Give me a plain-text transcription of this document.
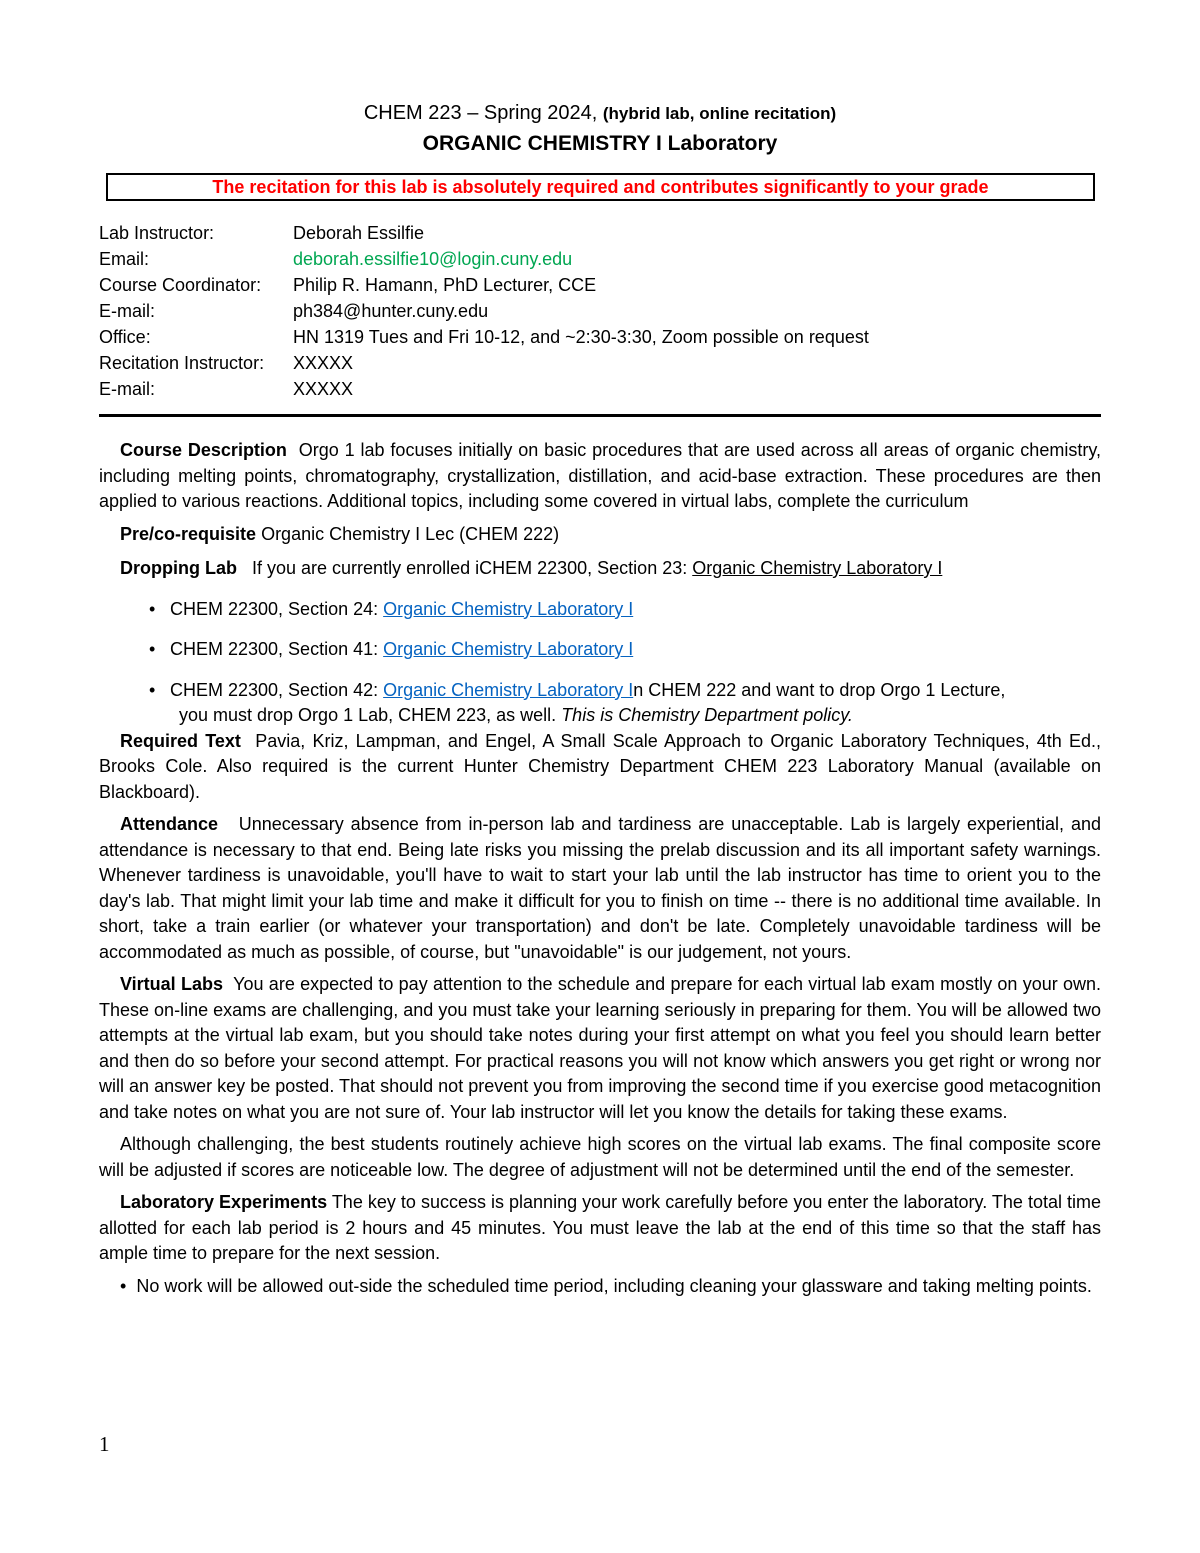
CHEM 223 – Spring 2024, (hybrid lab, online recitation)
ORGANIC CHEMISTRY I Laboratory
The recitation for this lab is absolutely required and contributes significantly to your grade
Lab Instructor:	Deborah Essilfie
Email:	deborah.essilfie10@login.cuny.edu
Course Coordinator: Philip R. Hamann, PhD Lecturer, CCE
E-mail:	ph384@hunter.cuny.edu
Office:	HN 1319 Tues and Fri 10-12, and ~2:30-3:30, Zoom possible on request
Recitation Instructor: XXXXX
E-mail:	XXXXX

Course Description Orgo 1 lab focuses initially on basic procedures that are used across all areas of organic chemistry, including melting points, chromatography, crystallization, distillation, and acid-base extraction. These procedures are then applied to various reactions. Additional topics, including some covered in virtual labs, complete the curriculum

Pre/co-requisite Organic Chemistry I Lec (CHEM 222)

Dropping Lab If you are currently enrolled iCHEM 22300, Section 23: Organic Chemistry Laboratory I

• CHEM 22300, Section 24: Organic Chemistry Laboratory I
• CHEM 22300, Section 41: Organic Chemistry Laboratory I
• CHEM 22300, Section 42: Organic Chemistry Laboratory In CHEM 222 and want to drop Orgo 1 Lecture,
you must drop Orgo 1 Lab, CHEM 223, as well. This is Chemistry Department policy.

Required Text Pavia, Kriz, Lampman, and Engel, A Small Scale Approach to Organic Laboratory Techniques, 4th Ed., Brooks Cole. Also required is the current Hunter Chemistry Department CHEM 223 Laboratory Manual (available on Blackboard).

Attendance Unnecessary absence from in-person lab and tardiness are unacceptable. Lab is largely experiential, and attendance is necessary to that end. Being late risks you missing the prelab discussion and its all important safety warnings. Whenever tardiness is unavoidable, you'll have to wait to start your lab until the lab instructor has time to orient you to the day's lab. That might limit your lab time and make it difficult for you to finish on time -- there is no additional time available. In short, take a train earlier (or whatever your transportation) and don't be late. Completely unavoidable tardiness will be accommodated as much as possible, of course, but "unavoidable" is our judgement, not yours.

Virtual Labs You are expected to pay attention to the schedule and prepare for each virtual lab exam mostly on your own. These on-line exams are challenging, and you must take your learning seriously in preparing for them. You will be allowed two attempts at the virtual lab exam, but you should take notes during your first attempt on what you feel you should learn better and then do so before your second attempt. For practical reasons you will not know which answers you get right or wrong nor will an answer key be posted. That should not prevent you from improving the second time if you exercise good metacognition and take notes on what you are not sure of. Your lab instructor will let you know the details for taking these exams.

Although challenging, the best students routinely achieve high scores on the virtual lab exams. The final composite score will be adjusted if scores are noticeable low. The degree of adjustment will not be determined until the end of the semester.

Laboratory Experiments The key to success is planning your work carefully before you enter the laboratory. The total time allotted for each lab period is 2 hours and 45 minutes. You must leave the lab at the end of this time so that the staff has ample time to prepare for the next session.

• No work will be allowed out-side the scheduled time period, including cleaning your glassware and taking melting points.

1
